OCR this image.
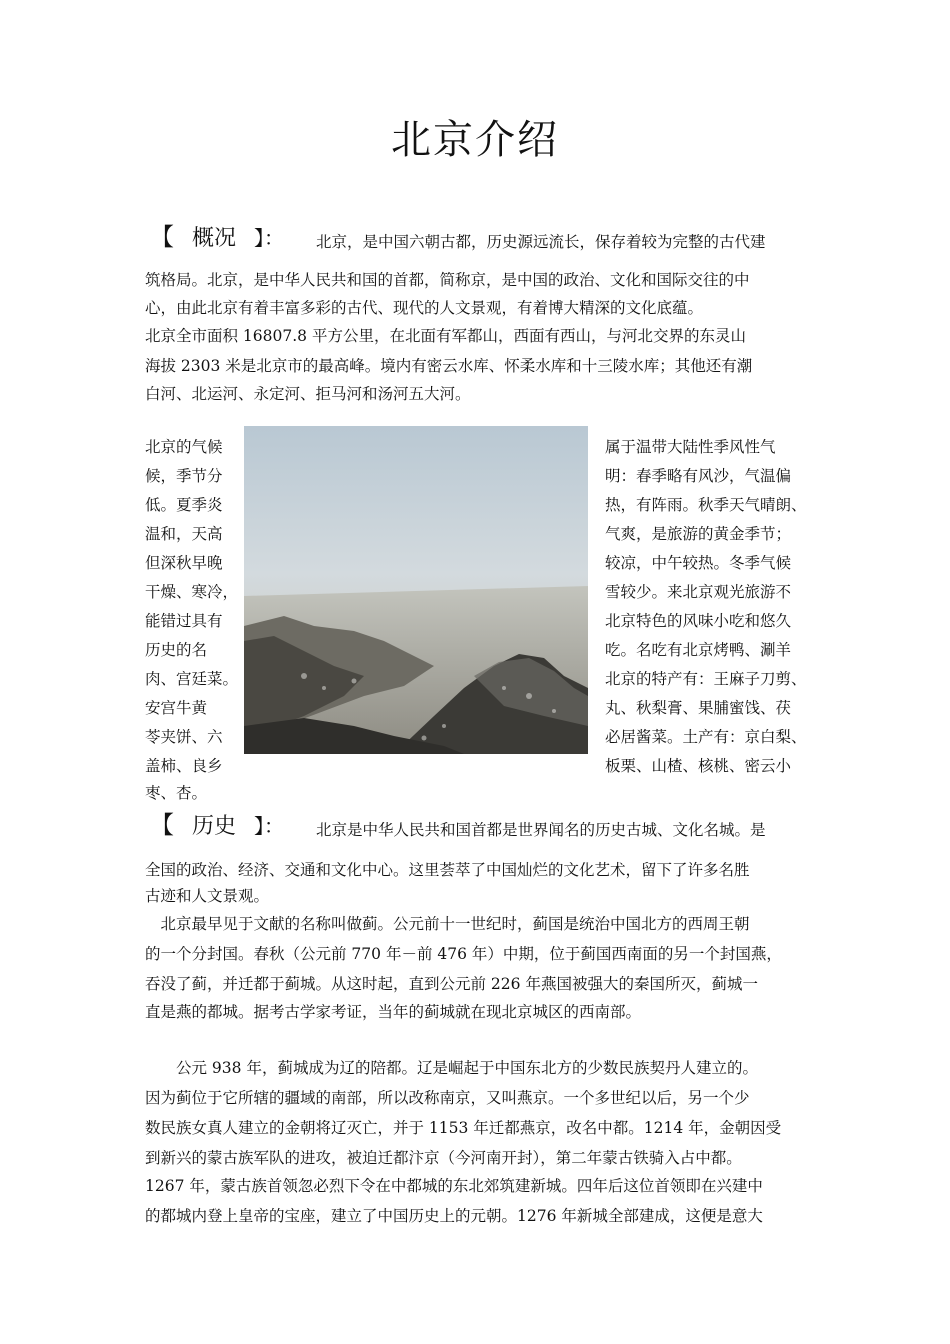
北京介绍
【 概况 】： 北京，是中国六朝古都，历史源远流长，保存着较为完整的古代建
筑格局。北京，是中华人民共和国的首都，简称京，是中国的政治、文化和国际交往的中
心，由此北京有着丰富多彩的古代、现代的人文景观，有着博大精深的文化底蕴。
北京全市面积 16807.8 平方公里，在北面有军都山，西面有西山，与河北交界的东灵山
海拔 2303 米是北京市的最高峰。境内有密云水库、怀柔水库和十三陵水库；其他还有潮
白河、北运河、永定河、拒马河和汤河五大河。
北京的气候
候，季节分
低。夏季炎
温和，天高
但深秋早晚
干燥、寒冷，
能错过具有
历史的名
肉、宫廷菜。
安宫牛黄
苓夹饼、六
盖柿、良乡
枣、杏。
属于温带大陆性季风性气
明：春季略有风沙，气温偏
热，有阵雨。秋季天气晴朗、
气爽，是旅游的黄金季节；
较凉，中午较热。冬季气候
雪较少。来北京观光旅游不
北京特色的风味小吃和悠久
吃。名吃有北京烤鸭、涮羊
北京的特产有：王麻子刀剪、
丸、秋梨膏、果脯蜜饯、茯
必居酱菜。土产有：京白梨、
板栗、山楂、核桃、密云小
【 历史 】： 北京是中华人民共和国首都是世界闻名的历史古城、文化名城。是
全国的政治、经济、交通和文化中心。这里荟萃了中国灿烂的文化艺术，留下了许多名胜
古迹和人文景观。
　北京最早见于文献的名称叫做蓟。公元前十一世纪时，蓟国是统治中国北方的西周王朝
的一个分封国。春秋（公元前 770 年－前 476 年）中期，位于蓟国西南面的另一个封国燕，
吞没了蓟，并迁都于蓟城。从这时起，直到公元前 226 年燕国被强大的秦国所灭，蓟城一
直是燕的都城。据考古学家考证，当年的蓟城就在现北京城区的西南部。
　　公元 938 年，蓟城成为辽的陪都。辽是崛起于中国东北方的少数民族契丹人建立的。
因为蓟位于它所辖的疆域的南部，所以改称南京，又叫燕京。一个多世纪以后，另一个少
数民族女真人建立的金朝将辽灭亡，并于 1153 年迁都燕京，改名中都。1214 年，金朝因受
到新兴的蒙古族军队的进攻，被迫迁都汴京（今河南开封），第二年蒙古铁骑入占中都。
1267 年，蒙古族首领忽必烈下令在中都城的东北郊筑建新城。四年后这位首领即在兴建中
的都城内登上皇帝的宝座，建立了中国历史上的元朝。1276 年新城全部建成，这便是意大
